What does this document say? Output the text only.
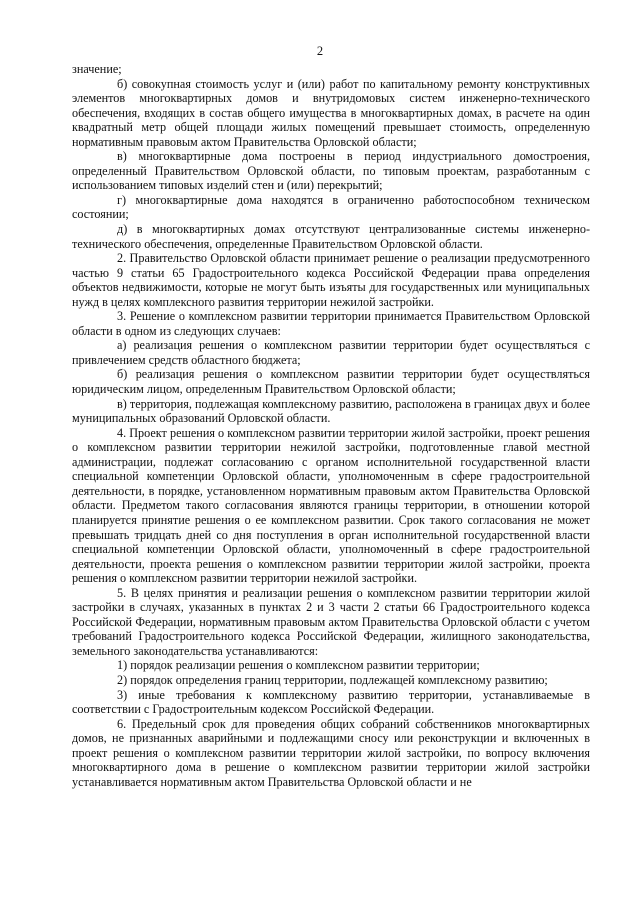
2

значение;

б) совокупная стоимость услуг и (или) работ по капитальному ремонту конструктивных элементов многоквартирных домов и внутридомовых систем инженерно-технического обеспечения, входящих в состав общего имущества в многоквартирных домах, в расчете на один квадратный метр общей площади жилых помещений превышает стоимость, определенную нормативным правовым актом Правительства Орловской области;

в) многоквартирные дома построены в период индустриального домостроения, определенный Правительством Орловской области, по типовым проектам, разработанным с использованием типовых изделий стен и (или) перекрытий;

г) многоквартирные дома находятся в ограниченно работоспособном техническом состоянии;

д) в многоквартирных домах отсутствуют централизованные системы инженерно-технического обеспечения, определенные Правительством Орловской области.

2. Правительство Орловской области принимает решение о реализации предусмотренного частью 9 статьи 65 Градостроительного кодекса Российской Федерации права определения объектов недвижимости, которые не могут быть изъяты для государственных или муниципальных нужд в целях комплексного развития территории нежилой застройки.

3. Решение о комплексном развитии территории принимается Правительством Орловской области в одном из следующих случаев:

а) реализация решения о комплексном развитии территории будет осуществляться с привлечением средств областного бюджета;

б) реализация решения о комплексном развитии территории будет осуществляться юридическим лицом, определенным Правительством Орловской области;

в) территория, подлежащая комплексному развитию, расположена в границах двух и более муниципальных образований Орловской области.

4. Проект решения о комплексном развитии территории жилой застройки, проект решения о комплексном развитии территории нежилой застройки, подготовленные главой местной администрации, подлежат согласованию с органом исполнительной государственной власти специальной компетенции Орловской области, уполномоченным в сфере градостроительной деятельности, в порядке, установленном нормативным правовым актом Правительства Орловской области. Предметом такого согласования являются границы территории, в отношении которой планируется принятие решения о ее комплексном развитии. Срок такого согласования не может превышать тридцать дней со дня поступления в орган исполнительной государственной власти специальной компетенции Орловской области, уполномоченный в сфере градостроительной деятельности, проекта решения о комплексном развитии территории жилой застройки, проекта решения о комплексном развитии территории нежилой застройки.

5. В целях принятия и реализации решения о комплексном развитии территории жилой застройки в случаях, указанных в пунктах 2 и 3 части 2 статьи 66 Градостроительного кодекса Российской Федерации, нормативным правовым актом Правительства Орловской области с учетом требований Градостроительного кодекса Российской Федерации, жилищного законодательства, земельного законодательства устанавливаются:

1) порядок реализации решения о комплексном развитии территории;

2) порядок определения границ территории, подлежащей комплексному развитию;

3) иные требования к комплексному развитию территории, устанавливаемые в соответствии с Градостроительным кодексом Российской Федерации.

6. Предельный срок для проведения общих собраний собственников многоквартирных домов, не признанных аварийными и подлежащими сносу или реконструкции и включенных в проект решения о комплексном развитии территории жилой застройки, по вопросу включения многоквартирного дома в решение о комплексном развитии территории жилой застройки устанавливается нормативным актом Правительства Орловской области и не
